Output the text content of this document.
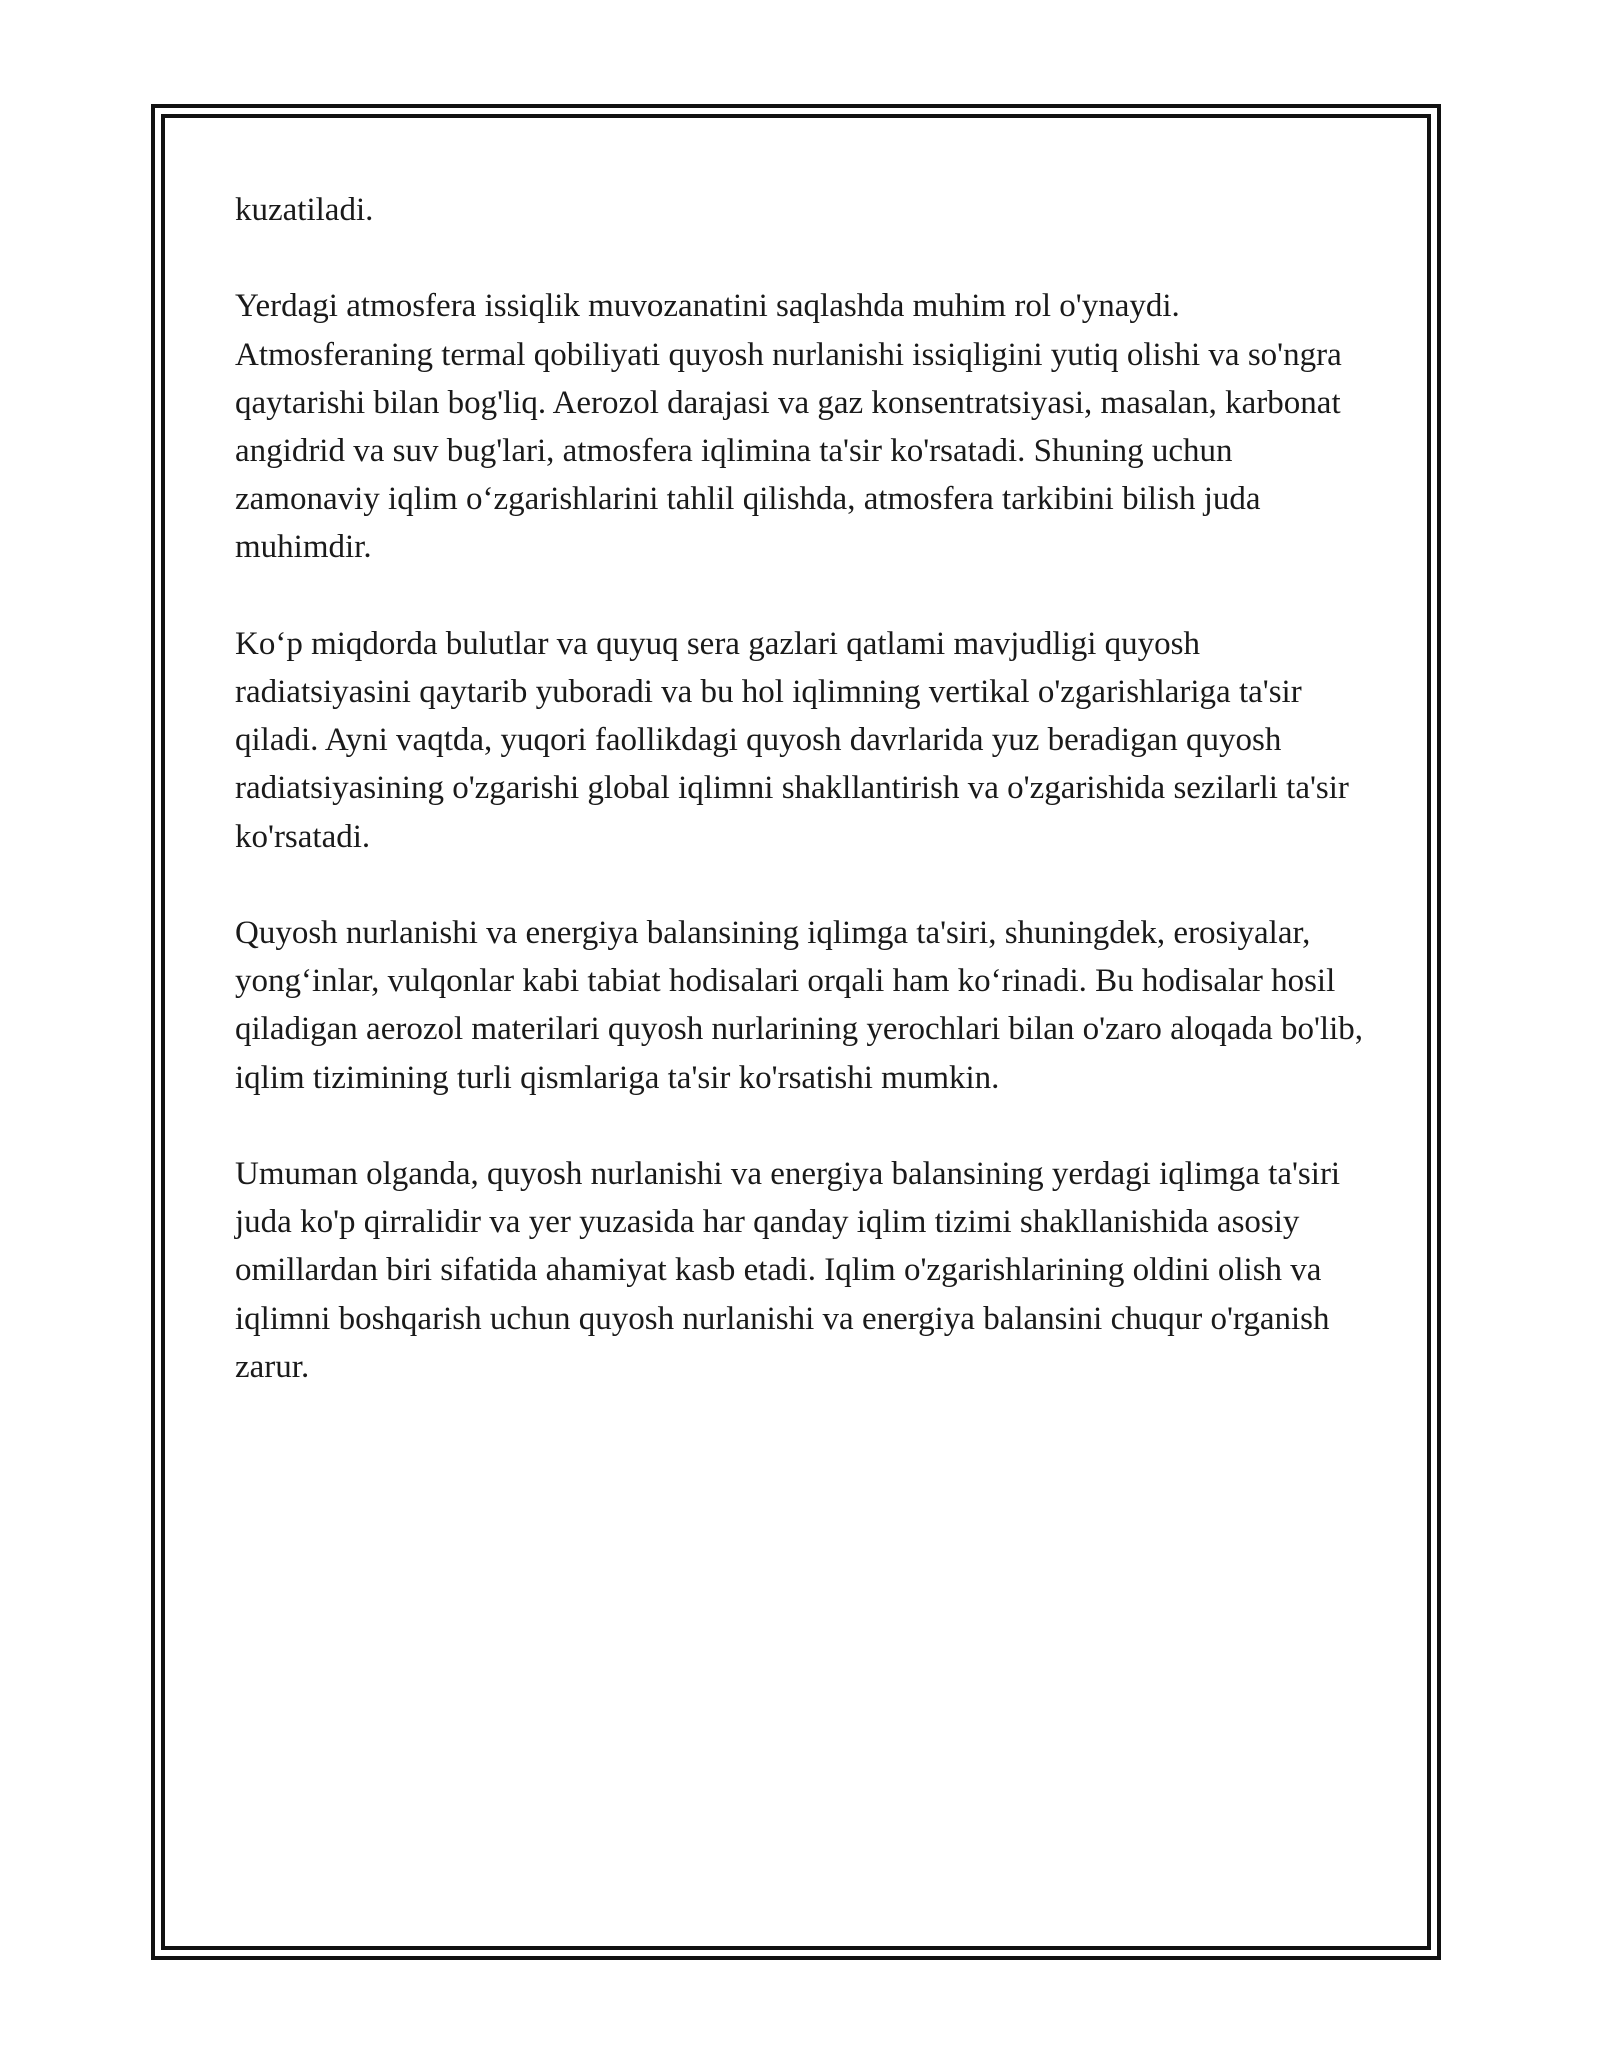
kuzatiladi.

Yerdagi atmosfera issiqlik muvozanatini saqlashda muhim rol o'ynaydi. Atmosferaning termal qobiliyati quyosh nurlanishi issiqligini yutiq olishi va so'ngra qaytarishi bilan bog'liq. Aerozol darajasi va gaz konsentratsiyasi, masalan, karbonat angidrid va suv bug'lari, atmosfera iqlimina ta'sir ko'rsatadi. Shuning uchun zamonaviy iqlim o‘zgarishlarini tahlil qilishda, atmosfera tarkibini bilish juda muhimdir.

Ko‘p miqdorda bulutlar va quyuq sera gazlari qatlami mavjudligi quyosh radiatsiyasini qaytarib yuboradi va bu hol iqlimning vertikal o'zgarishlariga ta'sir qiladi. Ayni vaqtda, yuqori faollikdagi quyosh davrlarida yuz beradigan quyosh radiatsiyasining o'zgarishi global iqlimni shakllantirish va o'zgarishida sezilarli ta'sir ko'rsatadi.

Quyosh nurlanishi va energiya balansining iqlimga ta'siri, shuningdek, erosiyalar, yong‘inlar, vulqonlar kabi tabiat hodisalari orqali ham ko‘rinadi. Bu hodisalar hosil qiladigan aerozol materilari quyosh nurlarining yerochlari bilan o'zaro aloqada bo'lib, iqlim tizimining turli qismlariga ta'sir ko'rsatishi mumkin.

Umuman olganda, quyosh nurlanishi va energiya balansining yerdagi iqlimga ta'siri juda ko'p qirralidir va yer yuzasida har qanday iqlim tizimi shakllanishida asosiy omillardan biri sifatida ahamiyat kasb etadi. Iqlim o'zgarishlarining oldini olish va iqlimni boshqarish uchun quyosh nurlanishi va energiya balansini chuqur o'rganish zarur.
